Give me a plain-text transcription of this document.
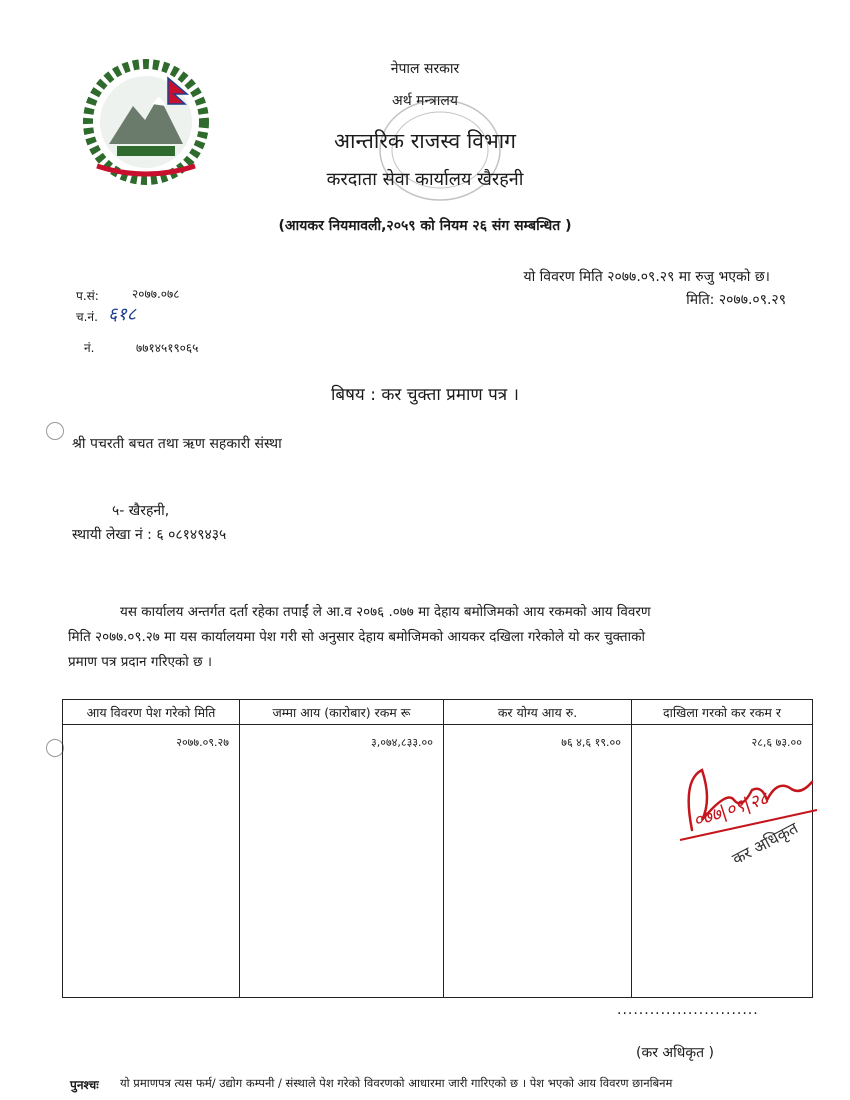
नेपाल सरकार
अर्थ मन्त्रालय
आन्तरिक राजस्व विभाग
करदाता सेवा कार्यालय खैरहनी
(आयकर नियमावली,२०५९ को नियम २६ संग सम्बन्धित )
यो विवरण मिति २०७७.०९.२९ मा रुजु भएको छ।
मिति: २०७७.०९.२९
प.सं:	२०७७.०७८
च.नं. ६१८
नं.	७७१४५१९०६५
बिषय : कर चुक्ता प्रमाण पत्र ।
श्री पचरती बचत तथा ऋण सहकारी संस्था
५- खैरहनी,
स्थायी लेखा नं : ६ ०८१४९४३५
यस कार्यालय अन्तर्गत दर्ता रहेका तपाईं ले आ.व २०७६ .०७७ मा देहाय बमोजिमको आय रकमको आय विवरण
मिति २०७७.०९.२७ मा यस कार्यालयमा पेश गरी सो अनुसार देहाय बमोजिमको आयकर दखिला गरेकोले यो कर चुक्ताको
प्रमाण पत्र प्रदान गरिएको छ ।
आय विवरण पेश गरेको मिति	जम्मा आय (कारोबार) रकम रू	कर योग्य आय रु.	दाखिला गरको कर रकम र
२०७७.०९.२७	३,०७४,८३३.००	७६ ४,६ १९.००	२८,६ ७३.००
०७७|०९|२८
कर अधिकृत
..........................
(कर अधिकृत )
पुनश्चः यो प्रमाणपत्र त्यस फर्म/ उद्योग कम्पनी / संस्थाले पेश गरेको विवरणको आधारमा जारी गारिएको छ । पेश भएको आय विवरण छानबिनम
